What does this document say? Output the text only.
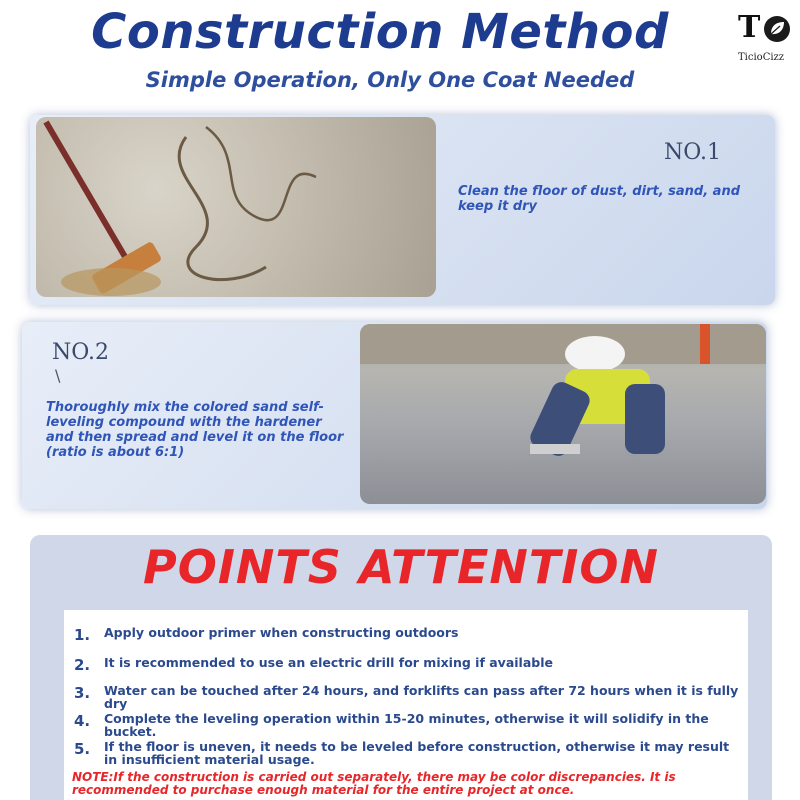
Construction Method
Simple Operation, Only One Coat Needed
T
TicioCizz
NO.1
Clean the floor of dust, dirt, sand, and keep it dry
NO.2
\
Thoroughly mix the colored sand self-leveling compound with the hardener and then spread and level it on the floor (ratio is about 6:1)
POINTS ATTENTION
1. Apply outdoor primer when constructing outdoors
2. It is recommended to use an electric drill for mixing if available
3. Water can be touched after 24 hours, and forklifts can pass after 72 hours when it is fully dry
4. Complete the leveling operation within 15-20 minutes, otherwise it will solidify in the bucket.
5. If the floor is uneven, it needs to be leveled before construction, otherwise it may result in insufficient material usage.
NOTE:If the construction is carried out separately, there may be color discrepancies. It is recommended to purchase enough material for the entire project at once.
